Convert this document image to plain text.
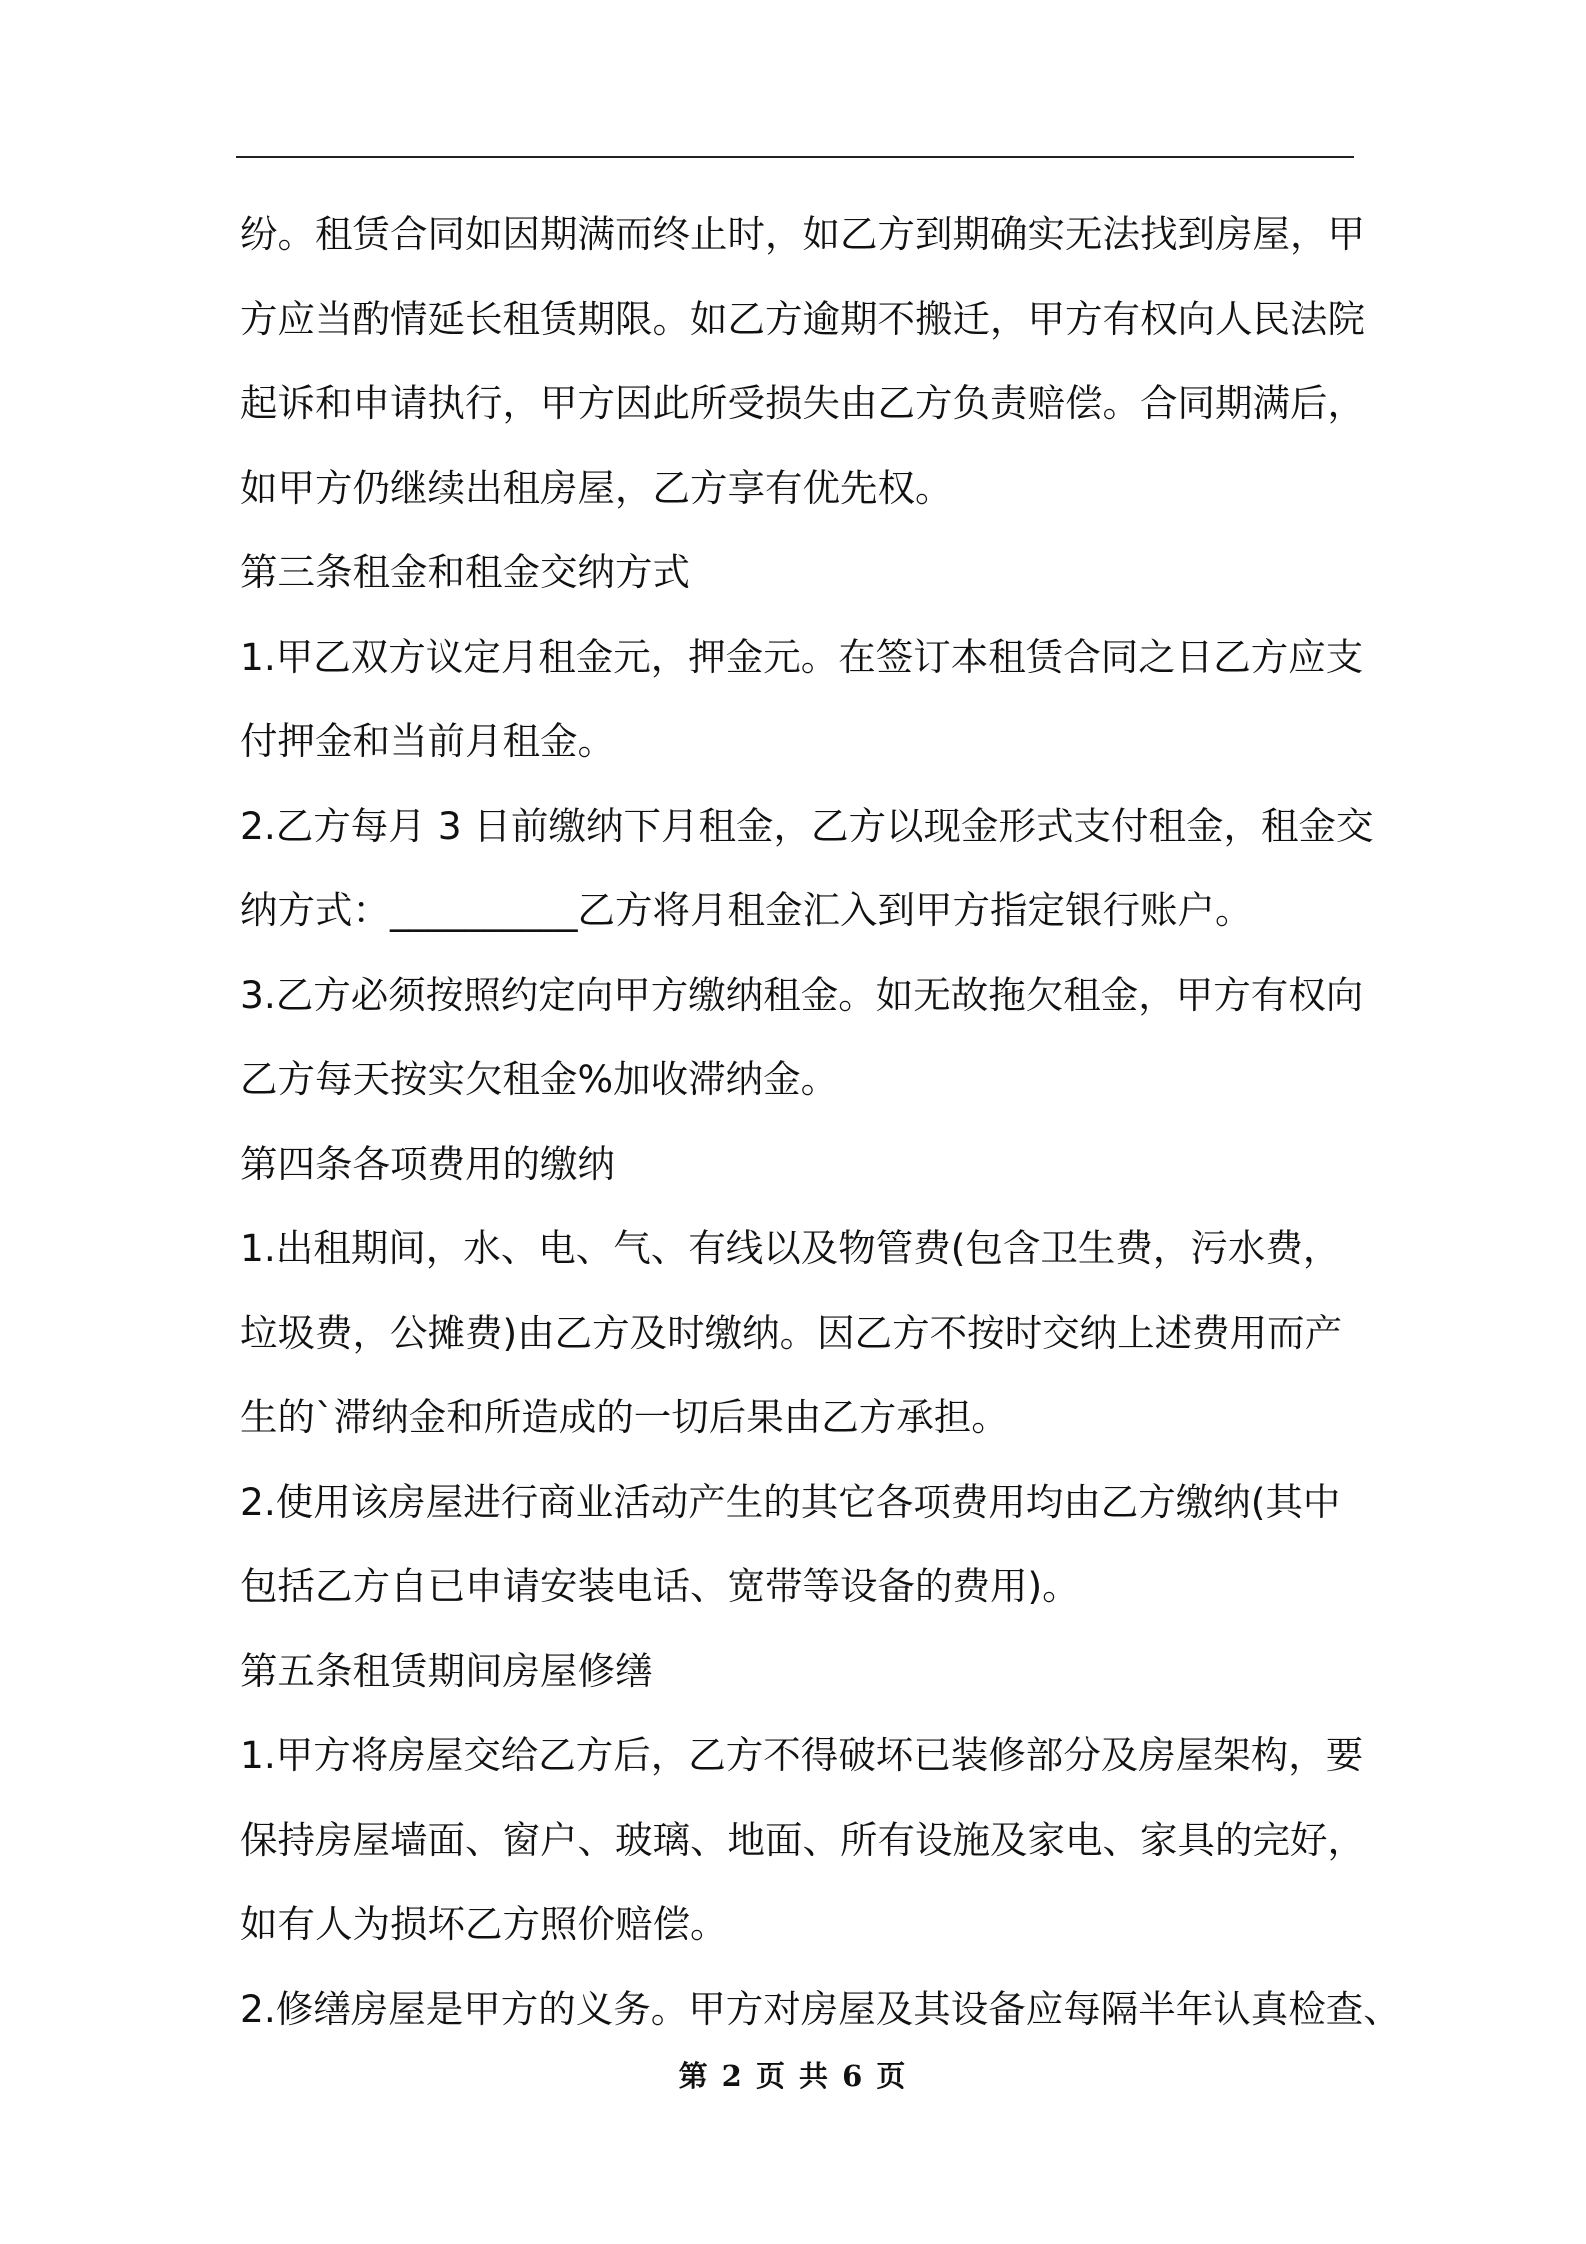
纷。租赁合同如因期满而终止时，如乙方到期确实无法找到房屋，甲
方应当酌情延长租赁期限。如乙方逾期不搬迁，甲方有权向人民法院
起诉和申请执行，甲方因此所受损失由乙方负责赔偿。合同期满后，
如甲方仍继续出租房屋，乙方享有优先权。
第三条租金和租金交纳方式
1.甲乙双方议定月租金元，押金元。在签订本租赁合同之日乙方应支
付押金和当前月租金。
2.乙方每月 3 日前缴纳下月租金，乙方以现金形式支付租金，租金交
纳方式：__________乙方将月租金汇入到甲方指定银行账户。
3.乙方必须按照约定向甲方缴纳租金。如无故拖欠租金，甲方有权向
乙方每天按实欠租金%加收滞纳金。
第四条各项费用的缴纳
1.出租期间，水、电、气、有线以及物管费(包含卫生费，污水费，
垃圾费，公摊费)由乙方及时缴纳。因乙方不按时交纳上述费用而产
生的`滞纳金和所造成的一切后果由乙方承担。
2.使用该房屋进行商业活动产生的其它各项费用均由乙方缴纳(其中
包括乙方自已申请安装电话、宽带等设备的费用)。
第五条租赁期间房屋修缮
1.甲方将房屋交给乙方后，乙方不得破坏已装修部分及房屋架构，要
保持房屋墙面、窗户、玻璃、地面、所有设施及家电、家具的完好，
如有人为损坏乙方照价赔偿。
2.修缮房屋是甲方的义务。甲方对房屋及其设备应每隔半年认真检查、
第 2 页 共 6 页
